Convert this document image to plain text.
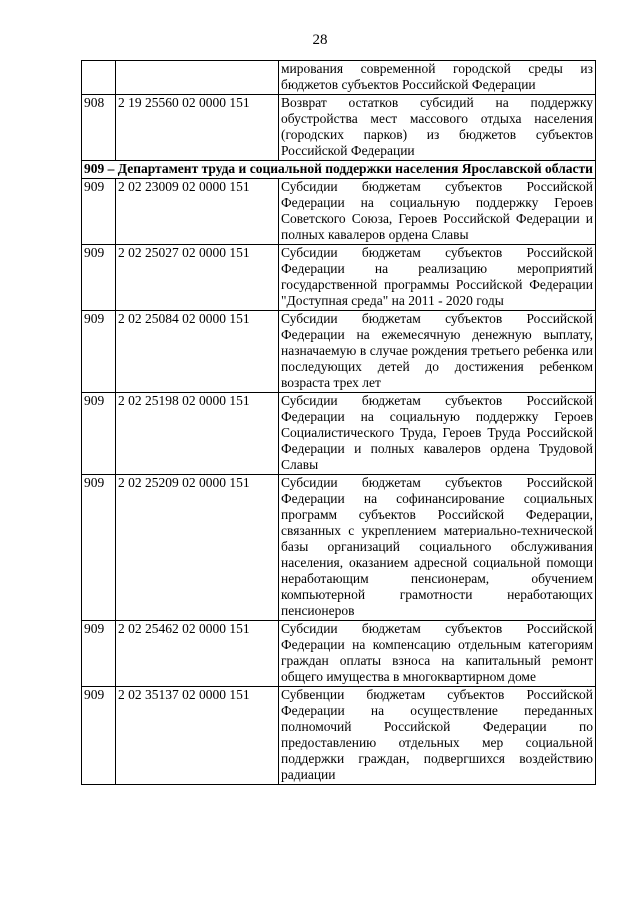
28
		мирования современной городской среды из бюджетов субъектов Российской Федерации
908	2 19 25560 02 0000 151	Возврат остатков субсидий на поддержку обустройства мест массового отдыха населения (городских парков) из бюджетов субъектов Российской Федерации
909 – Департамент труда и социальной поддержки населения Ярославской области		
909	2 02 23009 02 0000 151	Субсидии бюджетам субъектов Российской Федерации на социальную поддержку Героев Советского Союза, Героев Российской Федерации и полных кавалеров ордена Славы
909	2 02 25027 02 0000 151	Субсидии бюджетам субъектов Российской Федерации на реализацию мероприятий государственной программы Российской Федерации "Доступная среда" на 2011 - 2020 годы
909	2 02 25084 02 0000 151	Субсидии бюджетам субъектов Российской Федерации на ежемесячную денежную выплату, назначаемую в случае рождения третьего ребенка или последующих детей до достижения ребенком возраста трех лет
909	2 02 25198 02 0000 151	Субсидии бюджетам субъектов Российской Федерации на социальную поддержку Героев Социалистического Труда, Героев Труда Российской Федерации и полных кавалеров ордена Трудовой Славы
909	2 02 25209 02 0000 151	Субсидии бюджетам субъектов Российской Федерации на софинансирование социальных программ субъектов Российской Федерации, связанных с укреплением материально-технической базы организаций социального обслуживания населения, оказанием адресной социальной помощи неработающим пенсионерам, обучением компьютерной грамотности неработающих пенсионеров
909	2 02 25462 02 0000 151	Субсидии бюджетам субъектов Российской Федерации на компенсацию отдельным категориям граждан оплаты взноса на капитальный ремонт общего имущества в многоквартирном доме
909	2 02 35137 02 0000 151	Субвенции бюджетам субъектов Российской Федерации на осуществление переданных полномочий Российской Федерации по предоставлению отдельных мер социальной поддержки граждан, подвергшихся воздействию радиации
